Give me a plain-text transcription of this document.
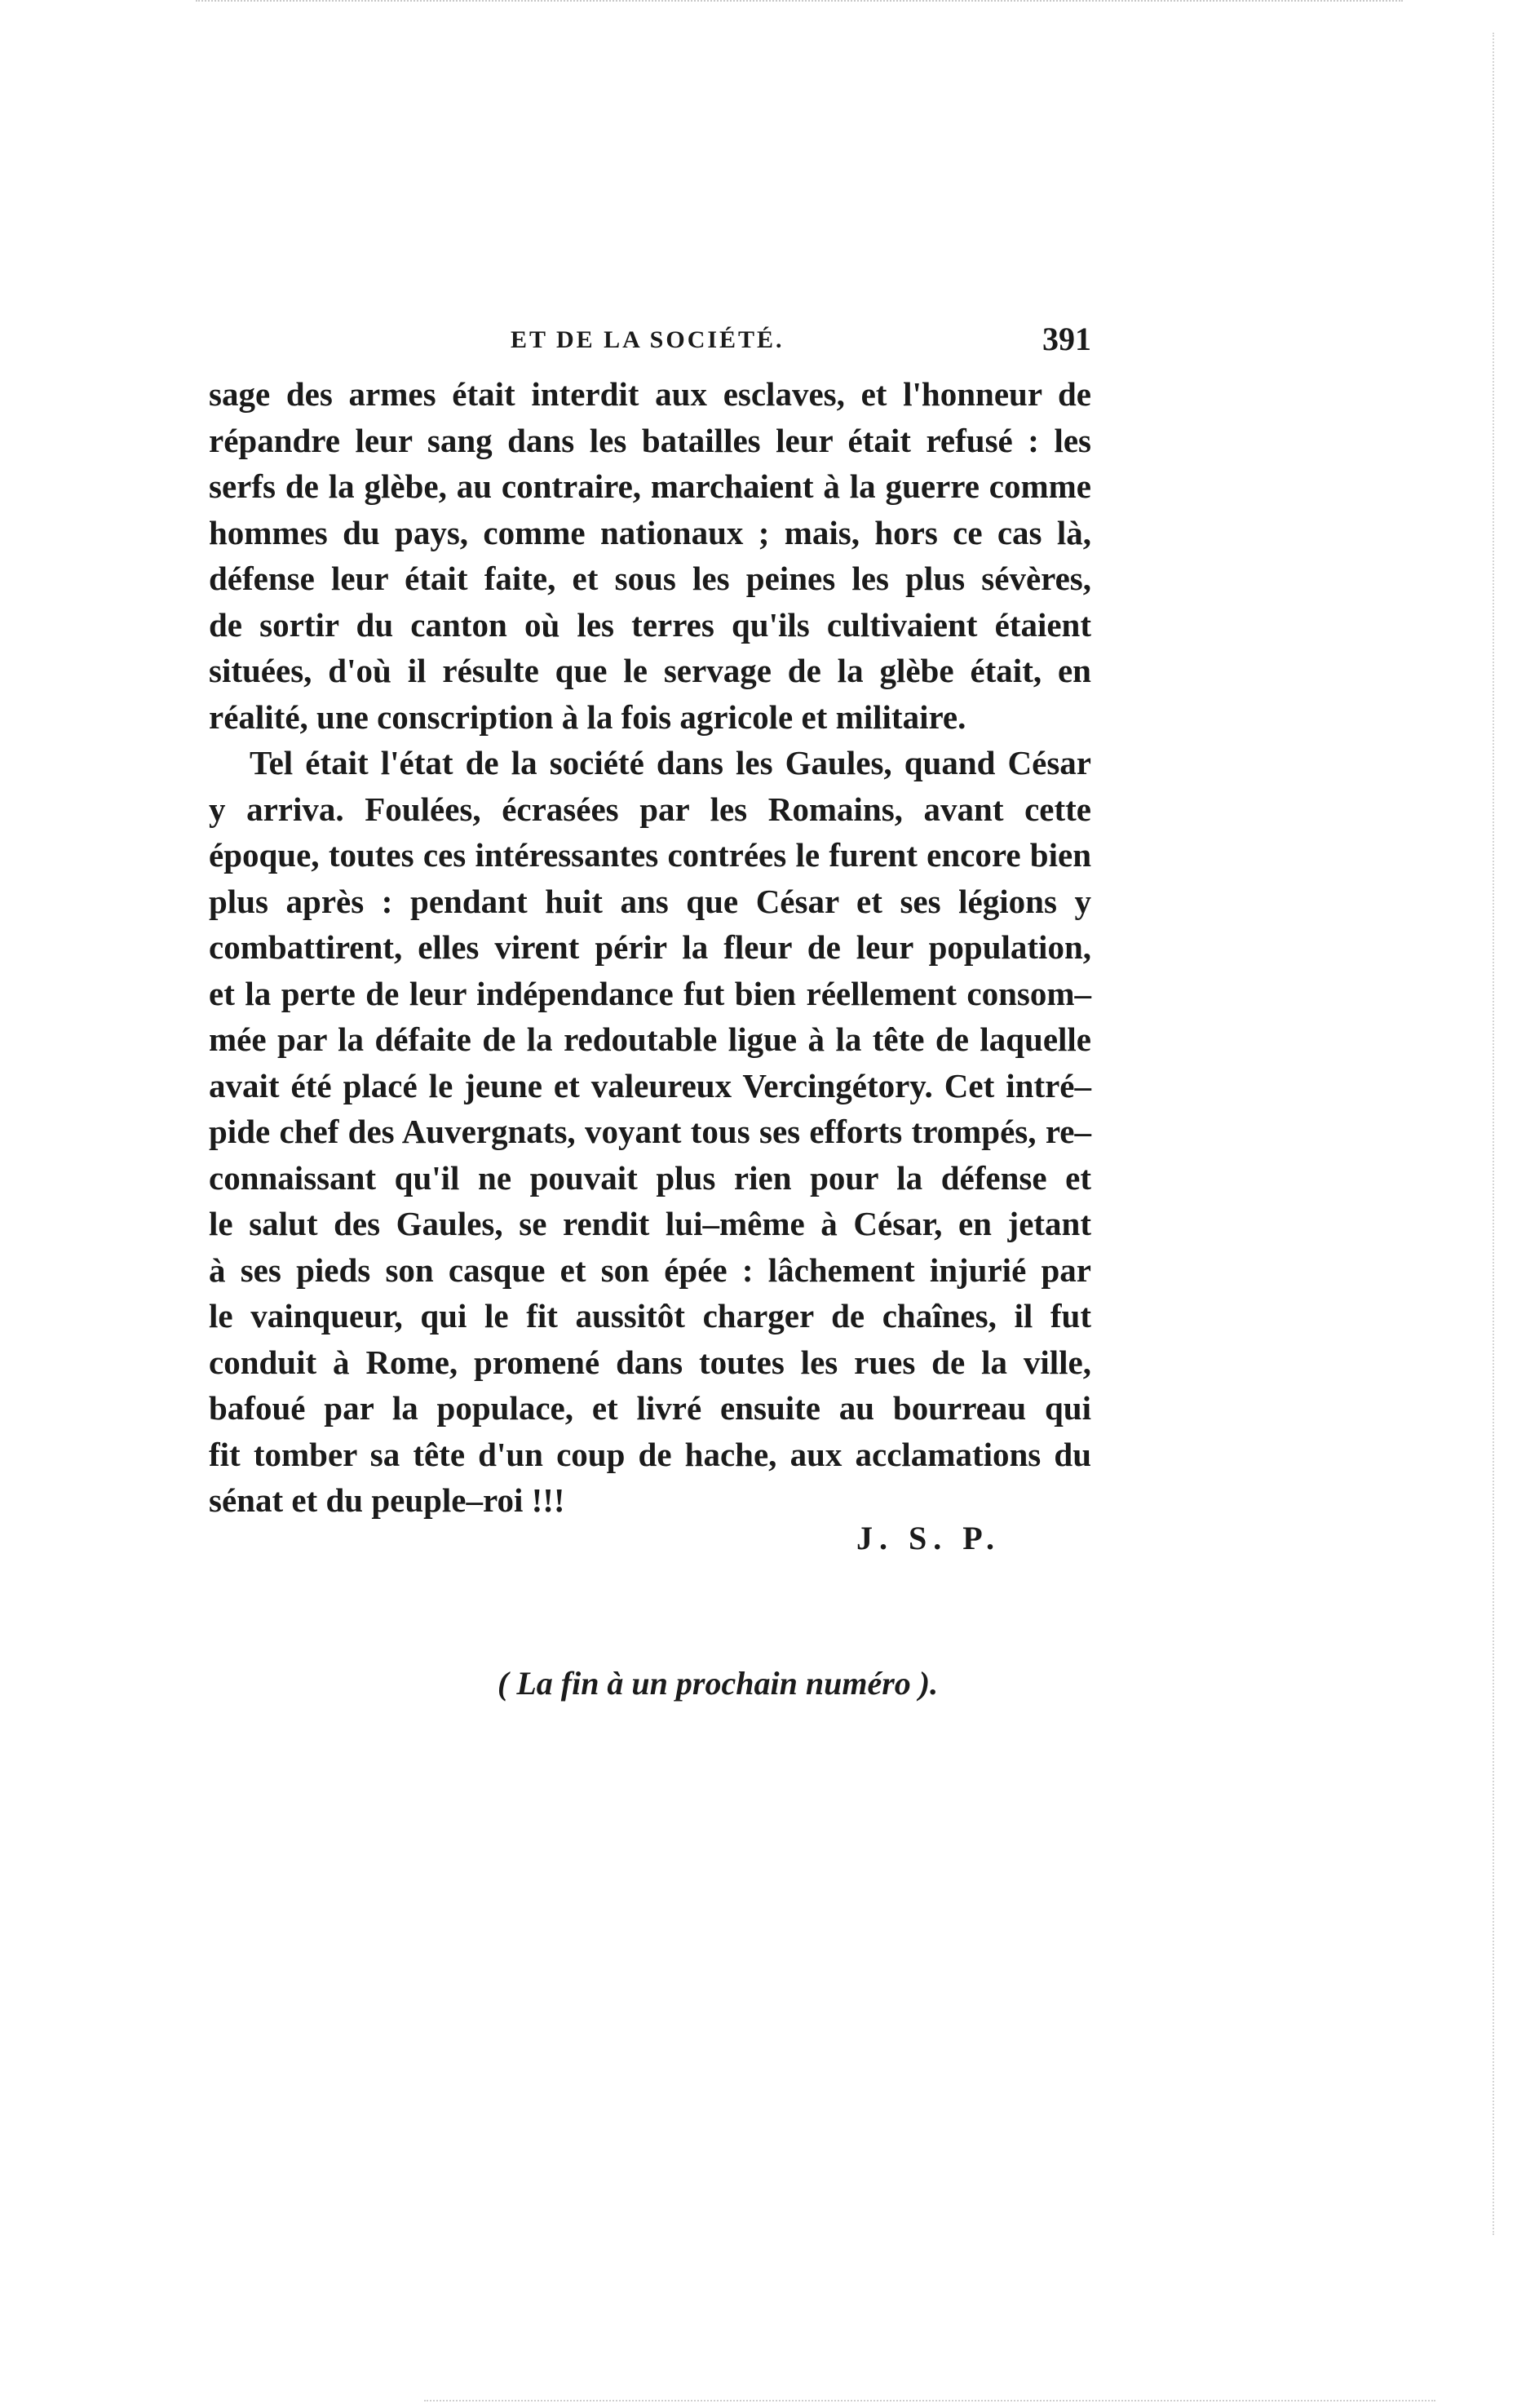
ET DE LA SOCIÉTÉ.	391
sage des armes était interdit aux esclaves, et l'honneur de
répandre leur sang dans les batailles leur était refusé : les
serfs de la glèbe, au contraire, marchaient à la guerre comme
hommes du pays, comme nationaux ; mais, hors ce cas là,
défense leur était faite, et sous les peines les plus sévères,
de sortir du canton où les terres qu'ils cultivaient étaient
situées, d'où il résulte que le servage de la glèbe était, en
réalité, une conscription à la fois agricole et militaire.
Tel était l'état de la société dans les Gaules, quand César
y arriva. Foulées, écrasées par les Romains, avant cette
époque, toutes ces intéressantes contrées le furent encore bien
plus après : pendant huit ans que César et ses légions y
combattirent, elles virent périr la fleur de leur population,
et la perte de leur indépendance fut bien réellement consom–
mée par la défaite de la redoutable ligue à la tête de laquelle
avait été placé le jeune et valeureux Vercingétory. Cet intré–
pide chef des Auvergnats, voyant tous ses efforts trompés, re–
connaissant qu'il ne pouvait plus rien pour la défense et
le salut des Gaules, se rendit lui–même à César, en jetant
à ses pieds son casque et son épée : lâchement injurié par
le vainqueur, qui le fit aussitôt charger de chaînes, il fut
conduit à Rome, promené dans toutes les rues de la ville,
bafoué par la populace, et livré ensuite au bourreau qui
fit tomber sa tête d'un coup de hache, aux acclamations du
sénat et du peuple–roi !!!
J. S. P.
( La fin à un prochain numéro ).
